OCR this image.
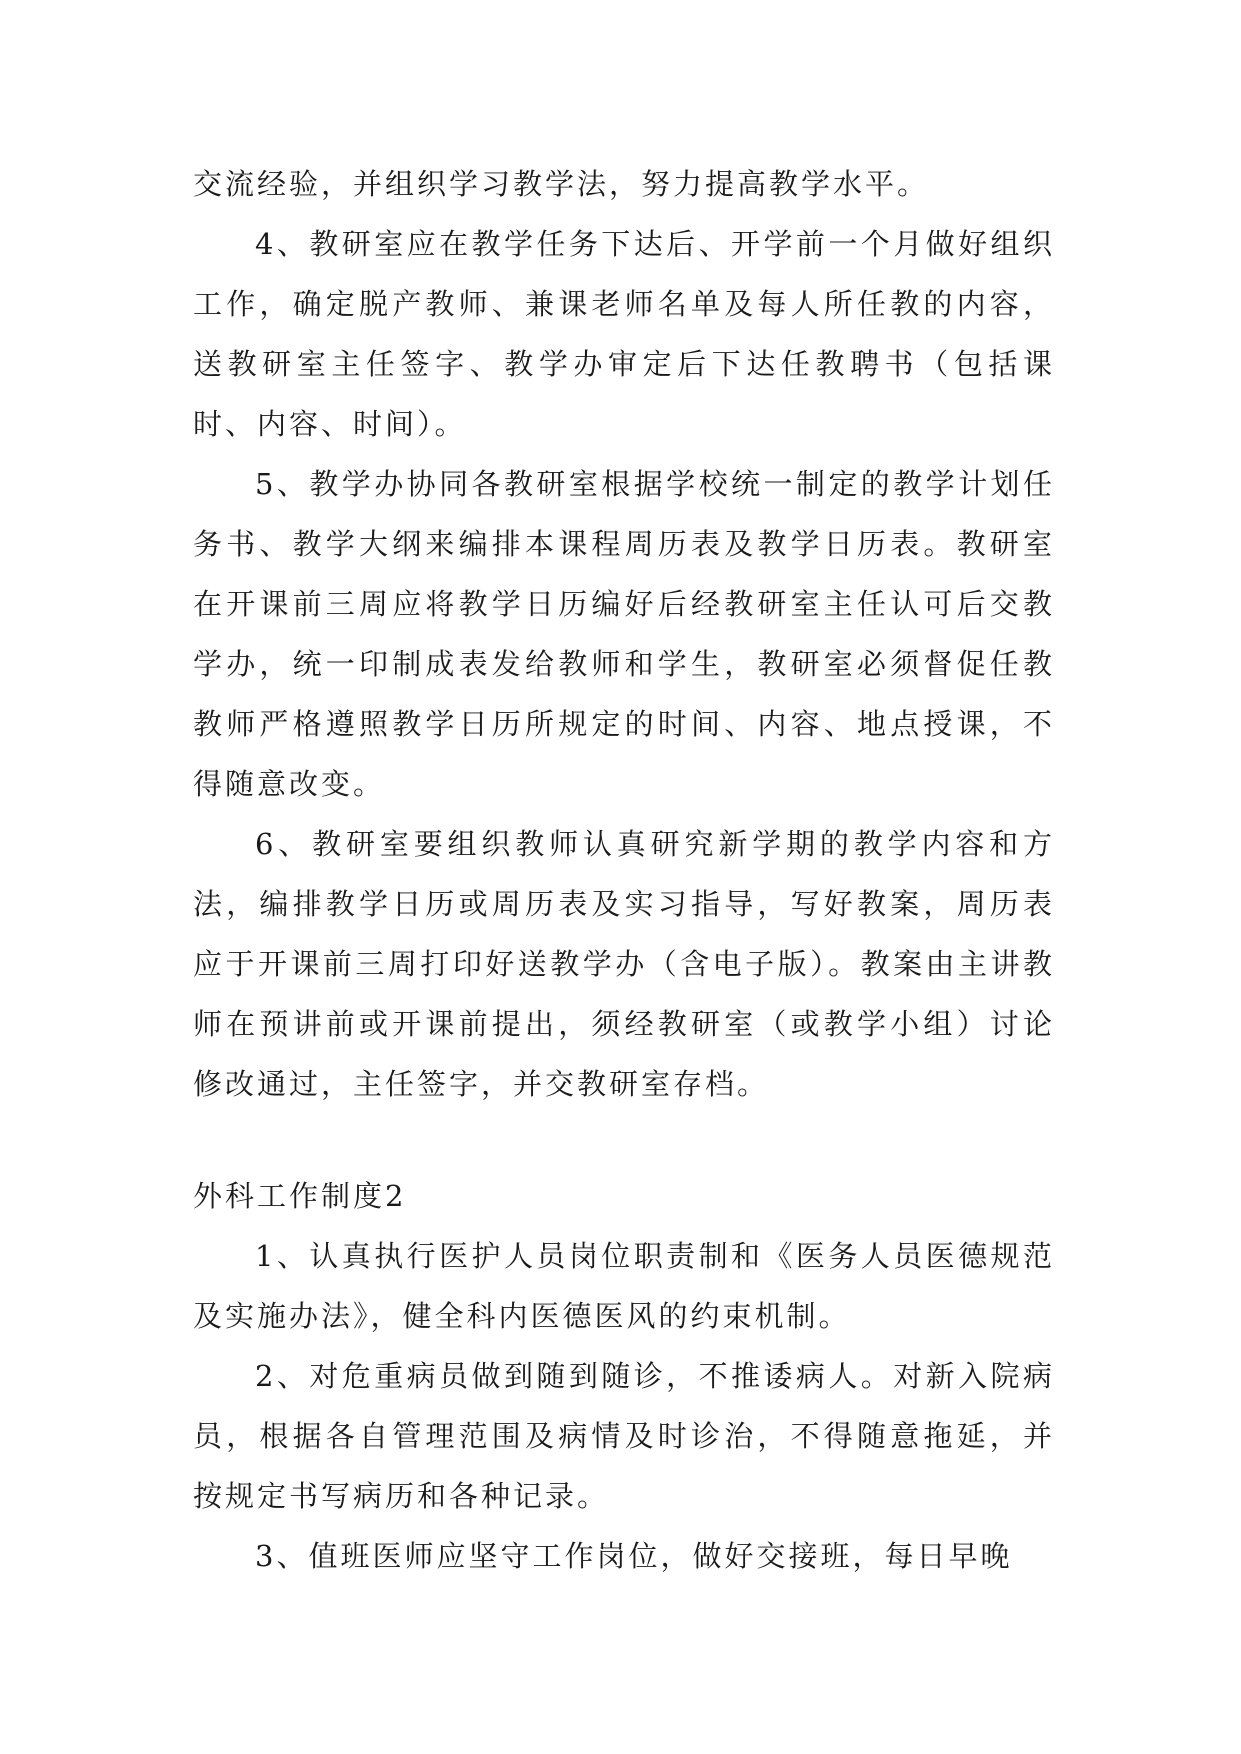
交流经验，并组织学习教学法，努力提高教学水平。

4、教研室应在教学任务下达后、开学前一个月做好组织工作，确定脱产教师、兼课老师名单及每人所任教的内容，送教研室主任签字、教学办审定后下达任教聘书（包括课时、内容、时间）。

5、教学办协同各教研室根据学校统一制定的教学计划任务书、教学大纲来编排本课程周历表及教学日历表。教研室在开课前三周应将教学日历编好后经教研室主任认可后交教学办，统一印制成表发给教师和学生，教研室必须督促任教教师严格遵照教学日历所规定的时间、内容、地点授课，不得随意改变。

6、教研室要组织教师认真研究新学期的教学内容和方法，编排教学日历或周历表及实习指导，写好教案，周历表应于开课前三周打印好送教学办（含电子版）。教案由主讲教师在预讲前或开课前提出，须经教研室（或教学小组）讨论修改通过，主任签字，并交教研室存档。

外科工作制度2

1、认真执行医护人员岗位职责制和《医务人员医德规范及实施办法》，健全科内医德医风的约束机制。

2、对危重病员做到随到随诊，不推诿病人。对新入院病员，根据各自管理范围及病情及时诊治，不得随意拖延，并按规定书写病历和各种记录。

3、值班医师应坚守工作岗位，做好交接班，每日早晚
